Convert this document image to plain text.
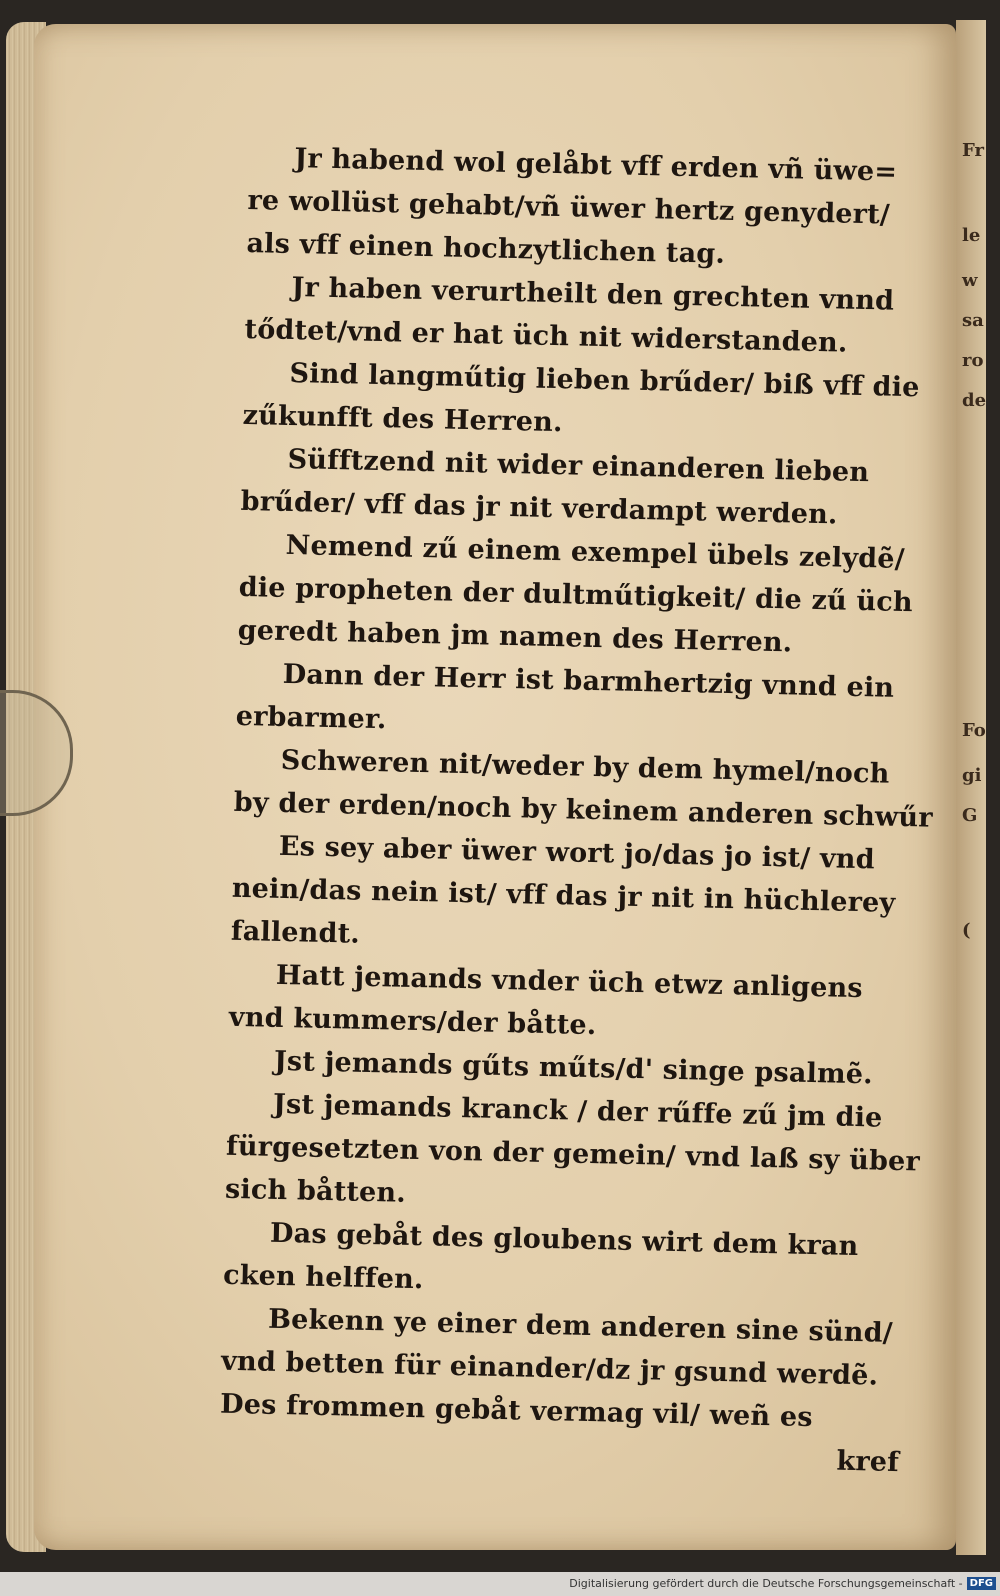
Jr habend wol gelåbt vff erden vñ üwe=
re wollüst gehabt/vñ üwer hertz genydert/
als vff einen hochzytlichen tag.
Jr haben verurtheilt den grechten vnnd
tődtet/vnd er hat üch nit widerstanden.
Sind langműtig lieben brűder/ biß vff die
zűkunfft des Herren.
Süfftzend nit wider einanderen lieben
brűder/ vff das jr nit verdampt werden.
Nemend zű einem exempel übels zelydẽ/
die propheten der dultműtigkeit/ die zű üch
geredt haben jm namen des Herren.
Dann der Herr ist barmhertzig vnnd ein
erbarmer.
Schweren nit/weder by dem hymel/noch
by der erden/noch by keinem anderen schwűr
Es sey aber üwer wort jo/das jo ist/ vnd
nein/das nein ist/ vff das jr nit in hüchlerey
fallendt.
Hatt jemands vnder üch etwz anligens
vnd kummers/der båtte.
Jst jemands gűts műts/d' singe psalmẽ.
Jst jemands kranck / der rűffe zű jm die
fürgesetzten von der gemein/ vnd laß sy über
sich båtten.
Das gebåt des gloubens wirt dem kran
cken helffen.
Bekenn ye einer dem anderen sine sünd/
vnd betten für einander/dz jr gsund werdẽ.
Des frommen gebåt vermag vil/ weñ es
kref
Fr
le
w
sa
ro
de
Fo
gi
G
(
Digitalisierung gefördert durch die Deutsche Forschungsgemeinschaft - DFG
